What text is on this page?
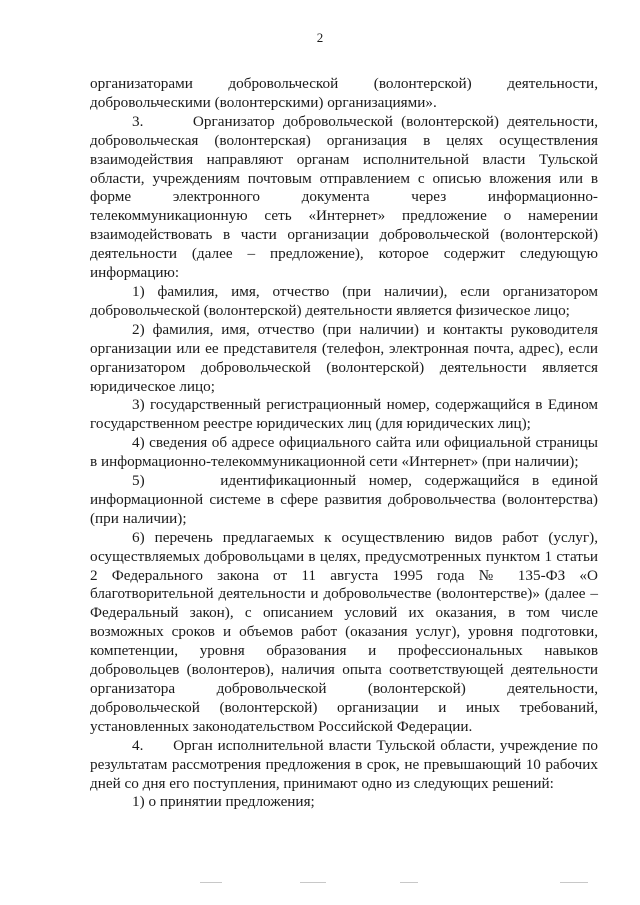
2

организаторами добровольческой (волонтерской) деятельности, добровольческими (волонтерскими) организациями».

3.      Организатор добровольческой (волонтерской) деятельности, добровольческая (волонтерская) организация в целях осуществления взаимодействия направляют органам исполнительной власти Тульской области, учреждениям почтовым отправлением с описью вложения или в форме электронного документа через информационно-телекоммуникационную сеть «Интернет» предложение о намерении взаимодействовать в части организации добровольческой (волонтерской) деятельности (далее – предложение), которое содержит следующую информацию:

1) фамилия, имя, отчество (при наличии), если организатором добровольческой (волонтерской) деятельности является физическое лицо;

2) фамилия, имя, отчество (при наличии) и контакты руководителя организации или ее представителя (телефон, электронная почта, адрес), если организатором добровольческой (волонтерской) деятельности является юридическое лицо;

3) государственный регистрационный номер, содержащийся в Едином государственном реестре юридических лиц (для юридических лиц);

4) сведения об адресе официального сайта или официальной страницы в информационно-телекоммуникационной сети «Интернет» (при наличии);

5)      идентификационный номер, содержащийся в единой информационной системе в сфере развития добровольчества (волонтерства) (при наличии);

6) перечень предлагаемых к осуществлению видов работ (услуг), осуществляемых добровольцами в целях, предусмотренных пунктом 1 статьи 2 Федерального закона от 11 августа 1995 года № 135-ФЗ «О благотворительной деятельности и добровольчестве (волонтерстве)» (далее – Федеральный закон), с описанием условий их оказания, в том числе возможных сроков и объемов работ (оказания услуг), уровня подготовки, компетенции, уровня образования и профессиональных навыков добровольцев (волонтеров), наличия опыта соответствующей деятельности организатора добровольческой (волонтерской) деятельности, добровольческой (волонтерской) организации и иных требований, установленных законодательством Российской Федерации.

4.      Орган исполнительной власти Тульской области, учреждение по результатам рассмотрения предложения в срок, не превышающий 10 рабочих дней со дня его поступления, принимают одно из следующих решений:

1) о принятии предложения;
